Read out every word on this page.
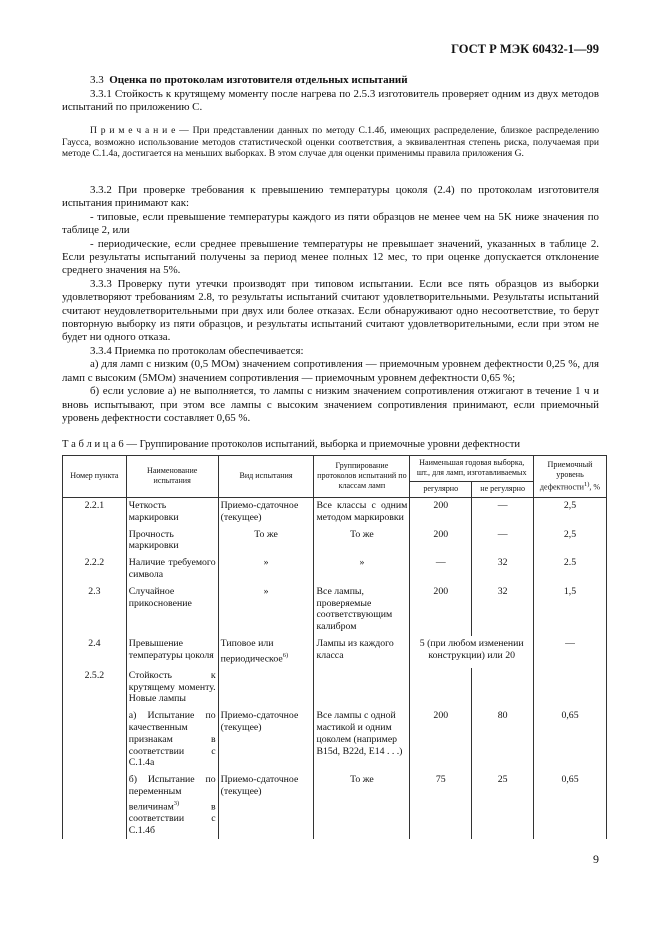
ГОСТ Р МЭК 60432-1—99
3.3 Оценка по протоколам изготовителя отдельных испытаний

3.3.1 Стойкость к крутящему моменту после нагрева по 2.5.3 изготовитель проверяет одним из двух методов испытаний по приложению С.

П р и м е ч а н и е — При представлении данных по методу С.1.4б, имеющих распределение, близкое распределению Гаусса, возможно использование методов статистической оценки соответствия, а эквивалентная степень риска, получаемая при методе С.1.4а, достигается на меньших выборках. В этом случае для оценки применимы правила приложения G.

3.3.2 При проверке требования к превышению температуры цоколя (2.4) по протоколам изготовителя испытания принимают как:

- типовые, если превышение температуры каждого из пяти образцов не менее чем на 5K ниже значения по таблице 2, или

- периодические, если среднее превышение температуры не превышает значений, указанных в таблице 2. Если результаты испытаний получены за период менее полных 12 мес, то при оценке допускается отклонение среднего значения на 5%.

3.3.3 Проверку пути утечки производят при типовом испытании. Если все пять образцов из выборки удовлетворяют требованиям 2.8, то результаты испытаний считают удовлетворительными. Результаты испытаний считают неудовлетворительными при двух или более отказах. Если обнаруживают одно несоответствие, то берут повторную выборку из пяти образцов, и результаты испытаний считают удовлетворительными, если при этом не будет ни одного отказа.

3.3.4 Приемка по протоколам обеспечивается:

а) для ламп с низким (0,5 МОм) значением сопротивления — приемочным уровнем дефектности 0,25 %, для ламп с высоким (5МОм) значением сопротивления — приемочным уровнем дефектности 0,65 %;

б) если условие а) не выполняется, то лампы с низким значением сопротивления отжигают в течение 1 ч и вновь испытывают, при этом все лампы с высоким значением сопротивления принимают, если приемочный уровень дефектности составляет 0,65 %.

Т а б л и ц а 6 — Группирование протоколов испытаний, выборка и приемочные уровни дефектности
Номер пункта	Наименование испытания	Вид испытания	Группирование протоколов испытаний по классам ламп	Наименьшая годовая выборка, шт., для ламп, изготавливаемых		Приемочный уровень дефектности$^{1)}$, %
				регулярно	не регулярно	
2.2.1	Четкость маркировки	Приемо-сдаточное (текущее)	Все классы с одним методом маркировки	200	—	2,5
	Прочность маркировки	То же	То же	200	—	2,5
2.2.2	Наличие требуемого символа	»	»	—	32	2.5
2.3	Случайное прикосновение	»	Все лампы, проверяемые соответствующим калибром	200	32	1,5
2.4	Превышение температуры цоколя	Типовое или периодическое$^{6)}$	Лампы из каждого класса	5 (при любом изменении конструкции) или 20		—
2.5.2	Стойкость к крутящему моменту. Новые лампы					
	а) Испытание по качественным признакам в соответствии с С.1.4а	Приемо-сдаточное (текущее)	Все лампы с одной мастикой и одним цоколем (например В15d, В22d, Е14 . . .)	200	80	0,65
	б) Испытание по переменным величинам$^{3)}$ в соответствии с С.1.4б	Приемо-сдаточное (текущее)	То же	75	25	0,65
9
